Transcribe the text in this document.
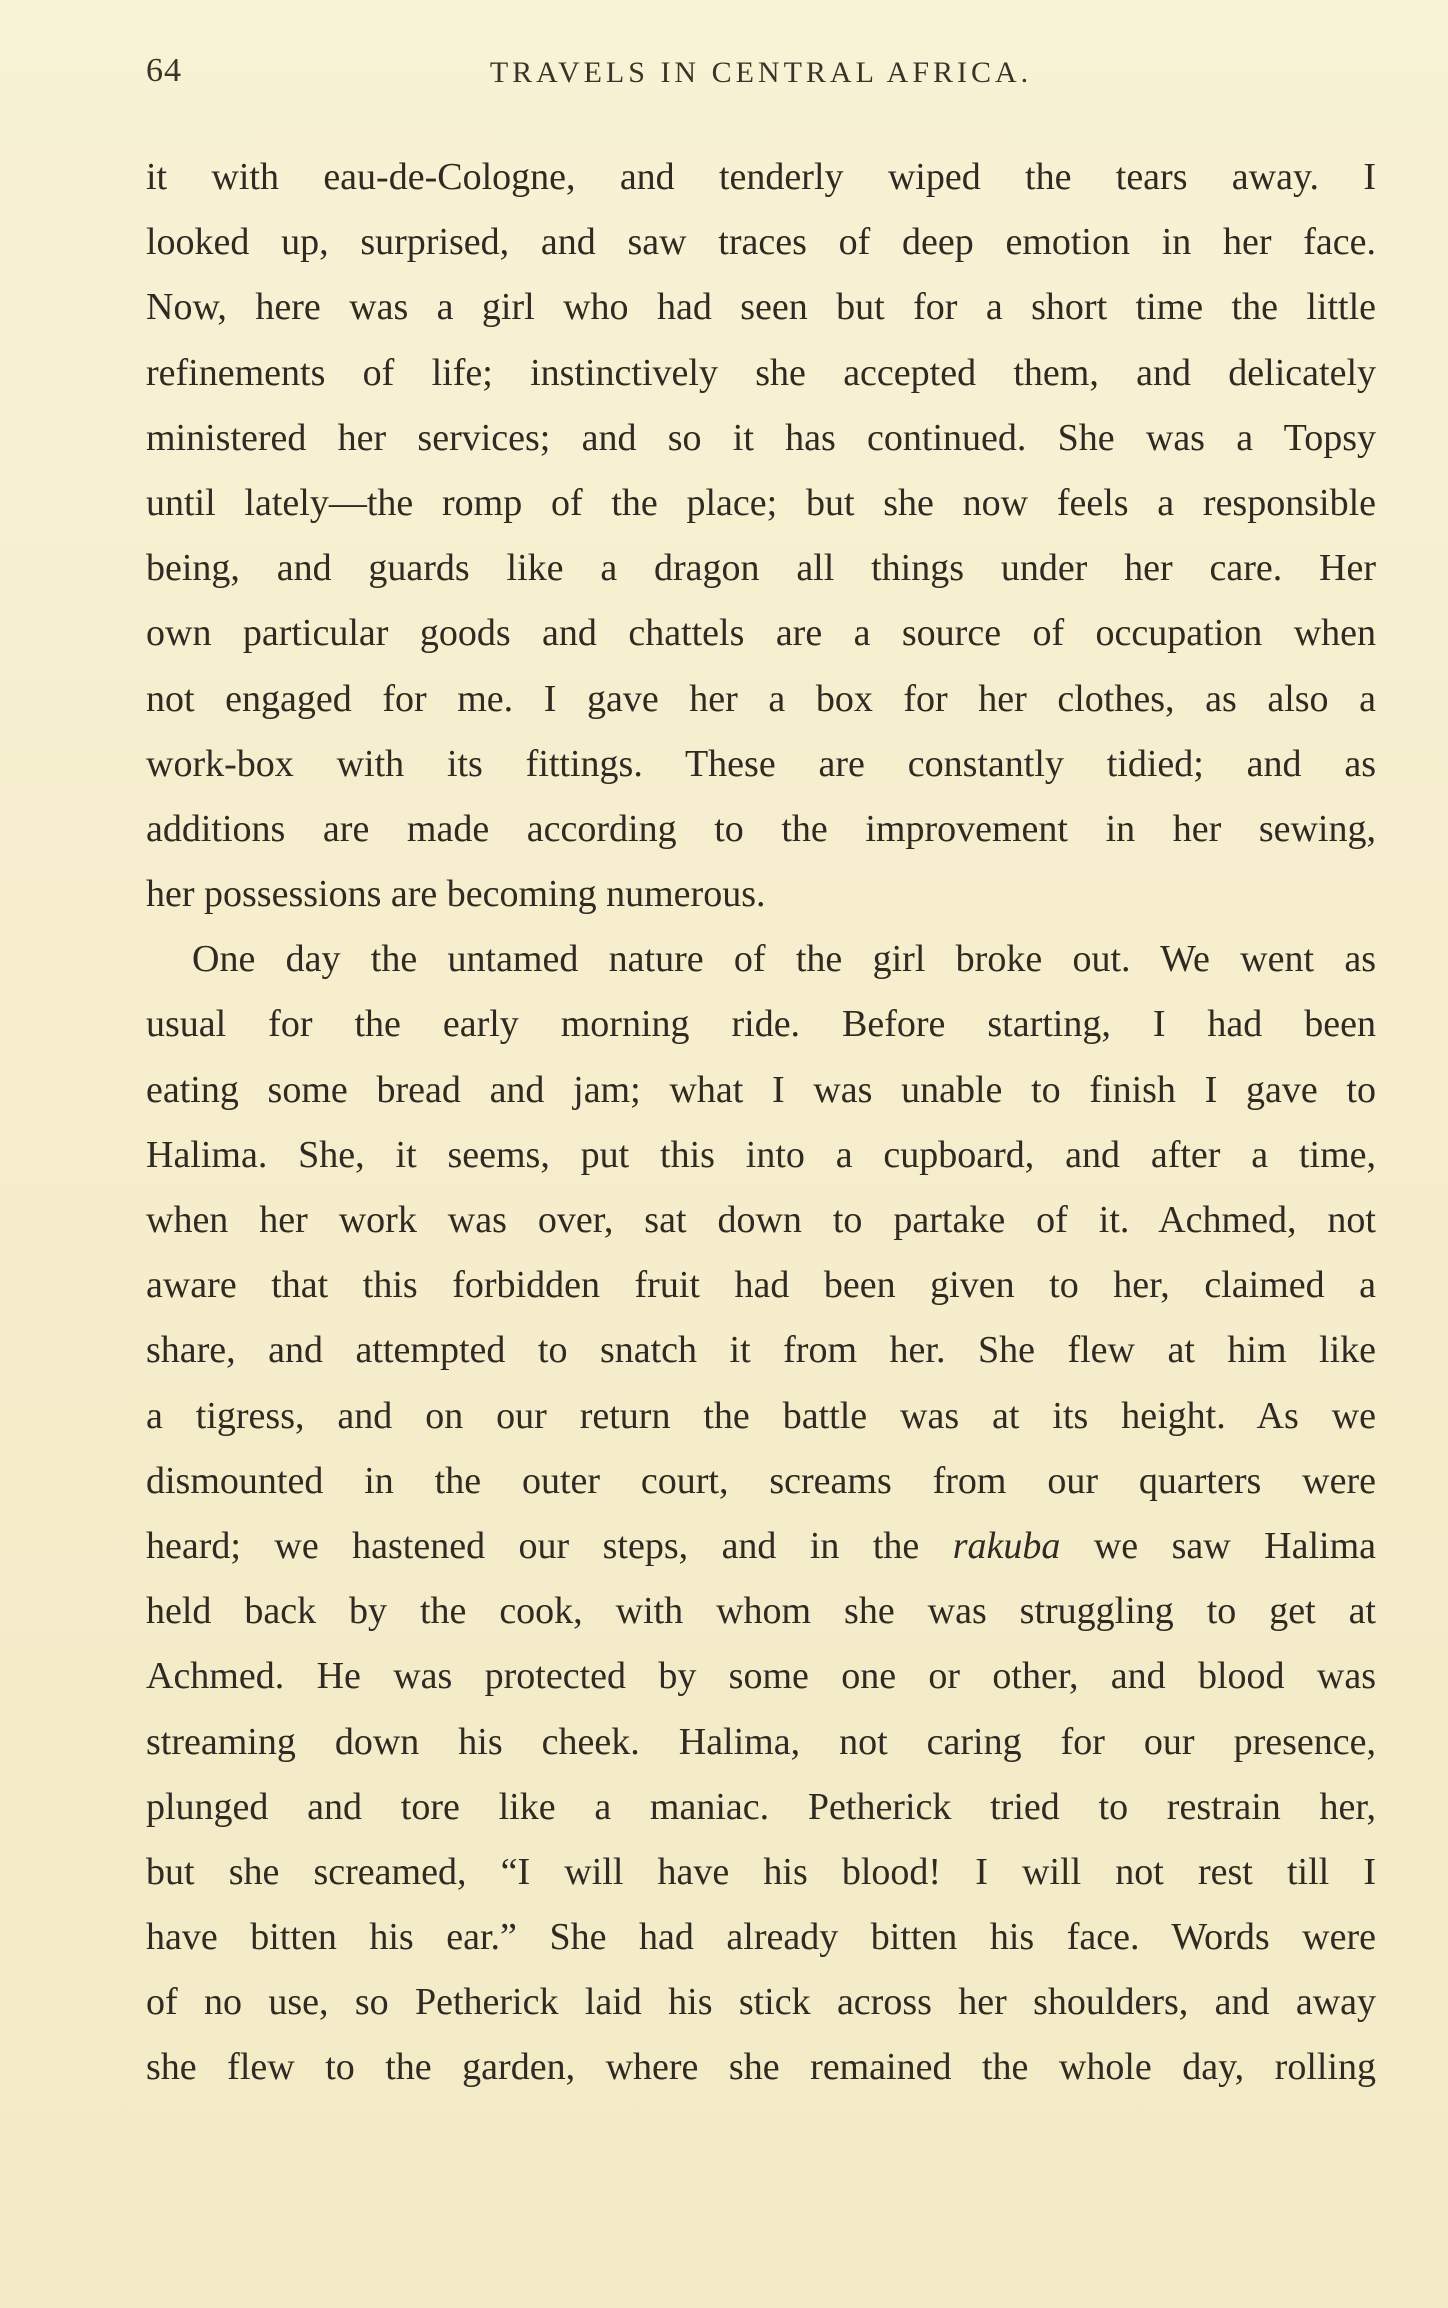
64	TRAVELS IN CENTRAL AFRICA.
it with eau-de-Cologne, and tenderly wiped the tears away. I
looked up, surprised, and saw traces of deep emotion in her face.
Now, here was a girl who had seen but for a short time the little
refinements of life; instinctively she accepted them, and delicately
ministered her services; and so it has continued. She was a Topsy
until lately—the romp of the place; but she now feels a responsible
being, and guards like a dragon all things under her care. Her
own particular goods and chattels are a source of occupation when
not engaged for me. I gave her a box for her clothes, as also a
work-box with its fittings. These are constantly tidied; and as
additions are made according to the improvement in her sewing,
her possessions are becoming numerous.
One day the untamed nature of the girl broke out. We went as
usual for the early morning ride. Before starting, I had been
eating some bread and jam; what I was unable to finish I gave to
Halima. She, it seems, put this into a cupboard, and after a time,
when her work was over, sat down to partake of it. Achmed, not
aware that this forbidden fruit had been given to her, claimed a
share, and attempted to snatch it from her. She flew at him like
a tigress, and on our return the battle was at its height. As we
dismounted in the outer court, screams from our quarters were
heard; we hastened our steps, and in the rakuba we saw Halima
held back by the cook, with whom she was struggling to get at
Achmed. He was protected by some one or other, and blood was
streaming down his cheek. Halima, not caring for our presence,
plunged and tore like a maniac. Petherick tried to restrain her,
but she screamed, “I will have his blood! I will not rest till I
have bitten his ear.” She had already bitten his face. Words were
of no use, so Petherick laid his stick across her shoulders, and away
she flew to the garden, where she remained the whole day, rolling
